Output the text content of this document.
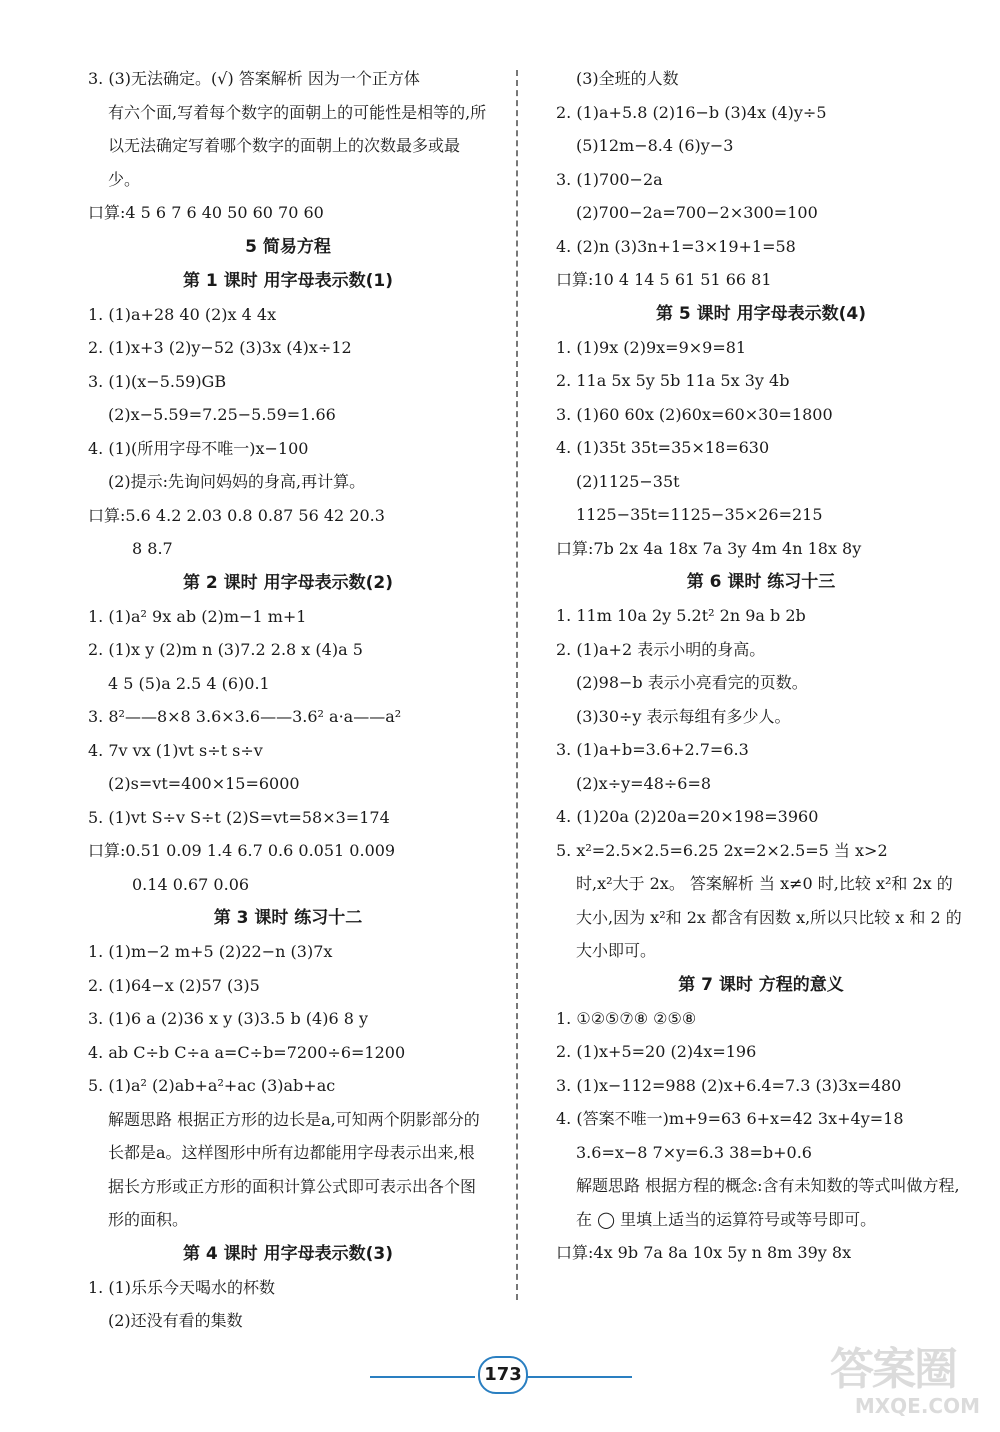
3. (3)无法确定。(√) 答案解析 因为一个正方体
有六个面,写着每个数字的面朝上的可能性是相等的,所以无法确定写着哪个数字的面朝上的次数最多或最少。
口算:4 5 6 7 6 40 50 60 70 60
5 简易方程
第 1 课时 用字母表示数(1)
1. (1)a+28 40 (2)x 4 4x
2. (1)x+3 (2)y−52 (3)3x (4)x÷12
3. (1)(x−5.59)GB
(2)x−5.59=7.25−5.59=1.66
4. (1)(所用字母不唯一)x−100
(2)提示:先询问妈妈的身高,再计算。
口算:5.6 4.2 2.03 0.8 0.87 56 42 20.3
8 8.7
第 2 课时 用字母表示数(2)
1. (1)a² 9x ab (2)m−1 m+1
2. (1)x y (2)m n (3)7.2 2.8 x (4)a 5
4 5 (5)a 2.5 4 (6)0.1
3. 8²——8×8 3.6×3.6——3.6² a·a——a²
4. 7v vx (1)vt s÷t s÷v
(2)s=vt=400×15=6000
5. (1)vt S÷v S÷t (2)S=vt=58×3=174
口算:0.51 0.09 1.4 6.7 0.6 0.051 0.009
0.14 0.67 0.06
第 3 课时 练习十二
1. (1)m−2 m+5 (2)22−n (3)7x
2. (1)64−x (2)57 (3)5
3. (1)6 a (2)36 x y (3)3.5 b (4)6 8 y
4. ab C÷b C÷a a=C÷b=7200÷6=1200
5. (1)a² (2)ab+a²+ac (3)ab+ac
解题思路 根据正方形的边长是a,可知两个阴影部分的长都是a。这样图形中所有边都能用字母表示出来,根据长方形或正方形的面积计算公式即可表示出各个图形的面积。
第 4 课时 用字母表示数(3)
1. (1)乐乐今天喝水的杯数
(2)还没有看的集数
(3)全班的人数
2. (1)a+5.8 (2)16−b (3)4x (4)y÷5
(5)12m−8.4 (6)y−3
3. (1)700−2a
(2)700−2a=700−2×300=100
4. (2)n (3)3n+1=3×19+1=58
口算:10 4 14 5 61 51 66 81
第 5 课时 用字母表示数(4)
1. (1)9x (2)9x=9×9=81
2. 11a 5x 5y 5b 11a 5x 3y 4b
3. (1)60 60x (2)60x=60×30=1800
4. (1)35t 35t=35×18=630
(2)1125−35t
1125−35t=1125−35×26=215
口算:7b 2x 4a 18x 7a 3y 4m 4n 18x 8y
第 6 课时 练习十三
1. 11m 10a 2y 5.2t² 2n 9a b 2b
2. (1)a+2 表示小明的身高。
(2)98−b 表示小亮看完的页数。
(3)30÷y 表示每组有多少人。
3. (1)a+b=3.6+2.7=6.3
(2)x÷y=48÷6=8
4. (1)20a (2)20a=20×198=3960
5. x²=2.5×2.5=6.25 2x=2×2.5=5 当 x>2
时,x²大于 2x。 答案解析 当 x≠0 时,比较 x²和 2x 的大小,因为 x²和 2x 都含有因数 x,所以只比较 x 和 2 的大小即可。
第 7 课时 方程的意义
1. ①②⑤⑦⑧ ②⑤⑧
2. (1)x+5=20 (2)4x=196
3. (1)x−112=988 (2)x+6.4=7.3 (3)3x=480
4. (答案不唯一)m+9=63 6+x=42 3x+4y=18
3.6=x−8 7×y=6.3 38=b+0.6
解题思路 根据方程的概念:含有未知数的等式叫做方程,在 ◯ 里填上适当的运算符号或等号即可。
口算:4x 9b 7a 8a 10x 5y n 8m 39y 8x
173	答案圈
MXQE.COM
